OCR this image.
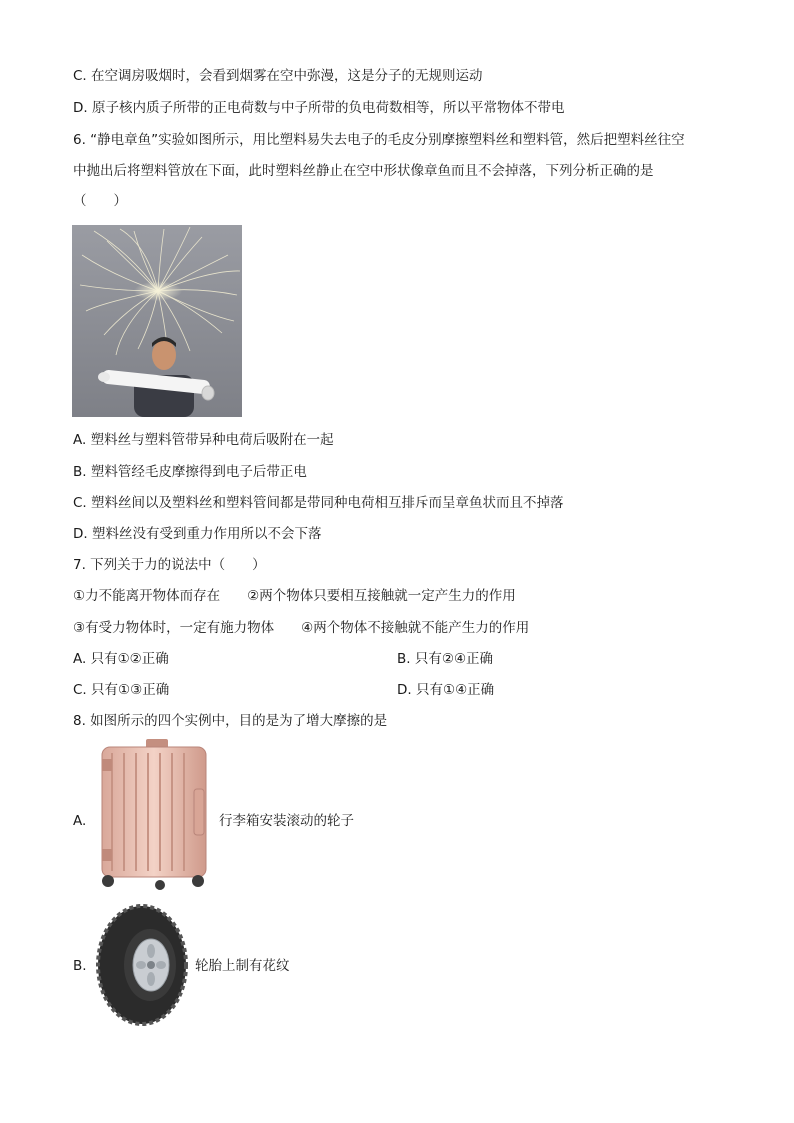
C. 在空调房吸烟时，会看到烟雾在空中弥漫，这是分子的无规则运动
D. 原子核内质子所带的正电荷数与中子所带的负电荷数相等，所以平常物体不带电
6. “静电章鱼”实验如图所示，用比塑料易失去电子的毛皮分别摩擦塑料丝和塑料管，然后把塑料丝往空
中抛出后将塑料管放在下面，此时塑料丝静止在空中形状像章鱼而且不会掉落，下列分析正确的是
（　　）
A. 塑料丝与塑料管带异种电荷后吸附在一起
B. 塑料管经毛皮摩擦得到电子后带正电
C. 塑料丝间以及塑料丝和塑料管间都是带同种电荷相互排斥而呈章鱼状而且不掉落
D. 塑料丝没有受到重力作用所以不会下落
7. 下列关于力的说法中（　　）
①力不能离开物体而存在　　②两个物体只要相互接触就一定产生力的作用
③有受力物体时，一定有施力物体　　④两个物体不接触就不能产生力的作用
A. 只有①②正确	B. 只有②④正确
C. 只有①③正确	D. 只有①④正确
8. 如图所示的四个实例中，目的是为了增大摩擦的是
A.	行李箱安装滚动的轮子
B.	轮胎上制有花纹
